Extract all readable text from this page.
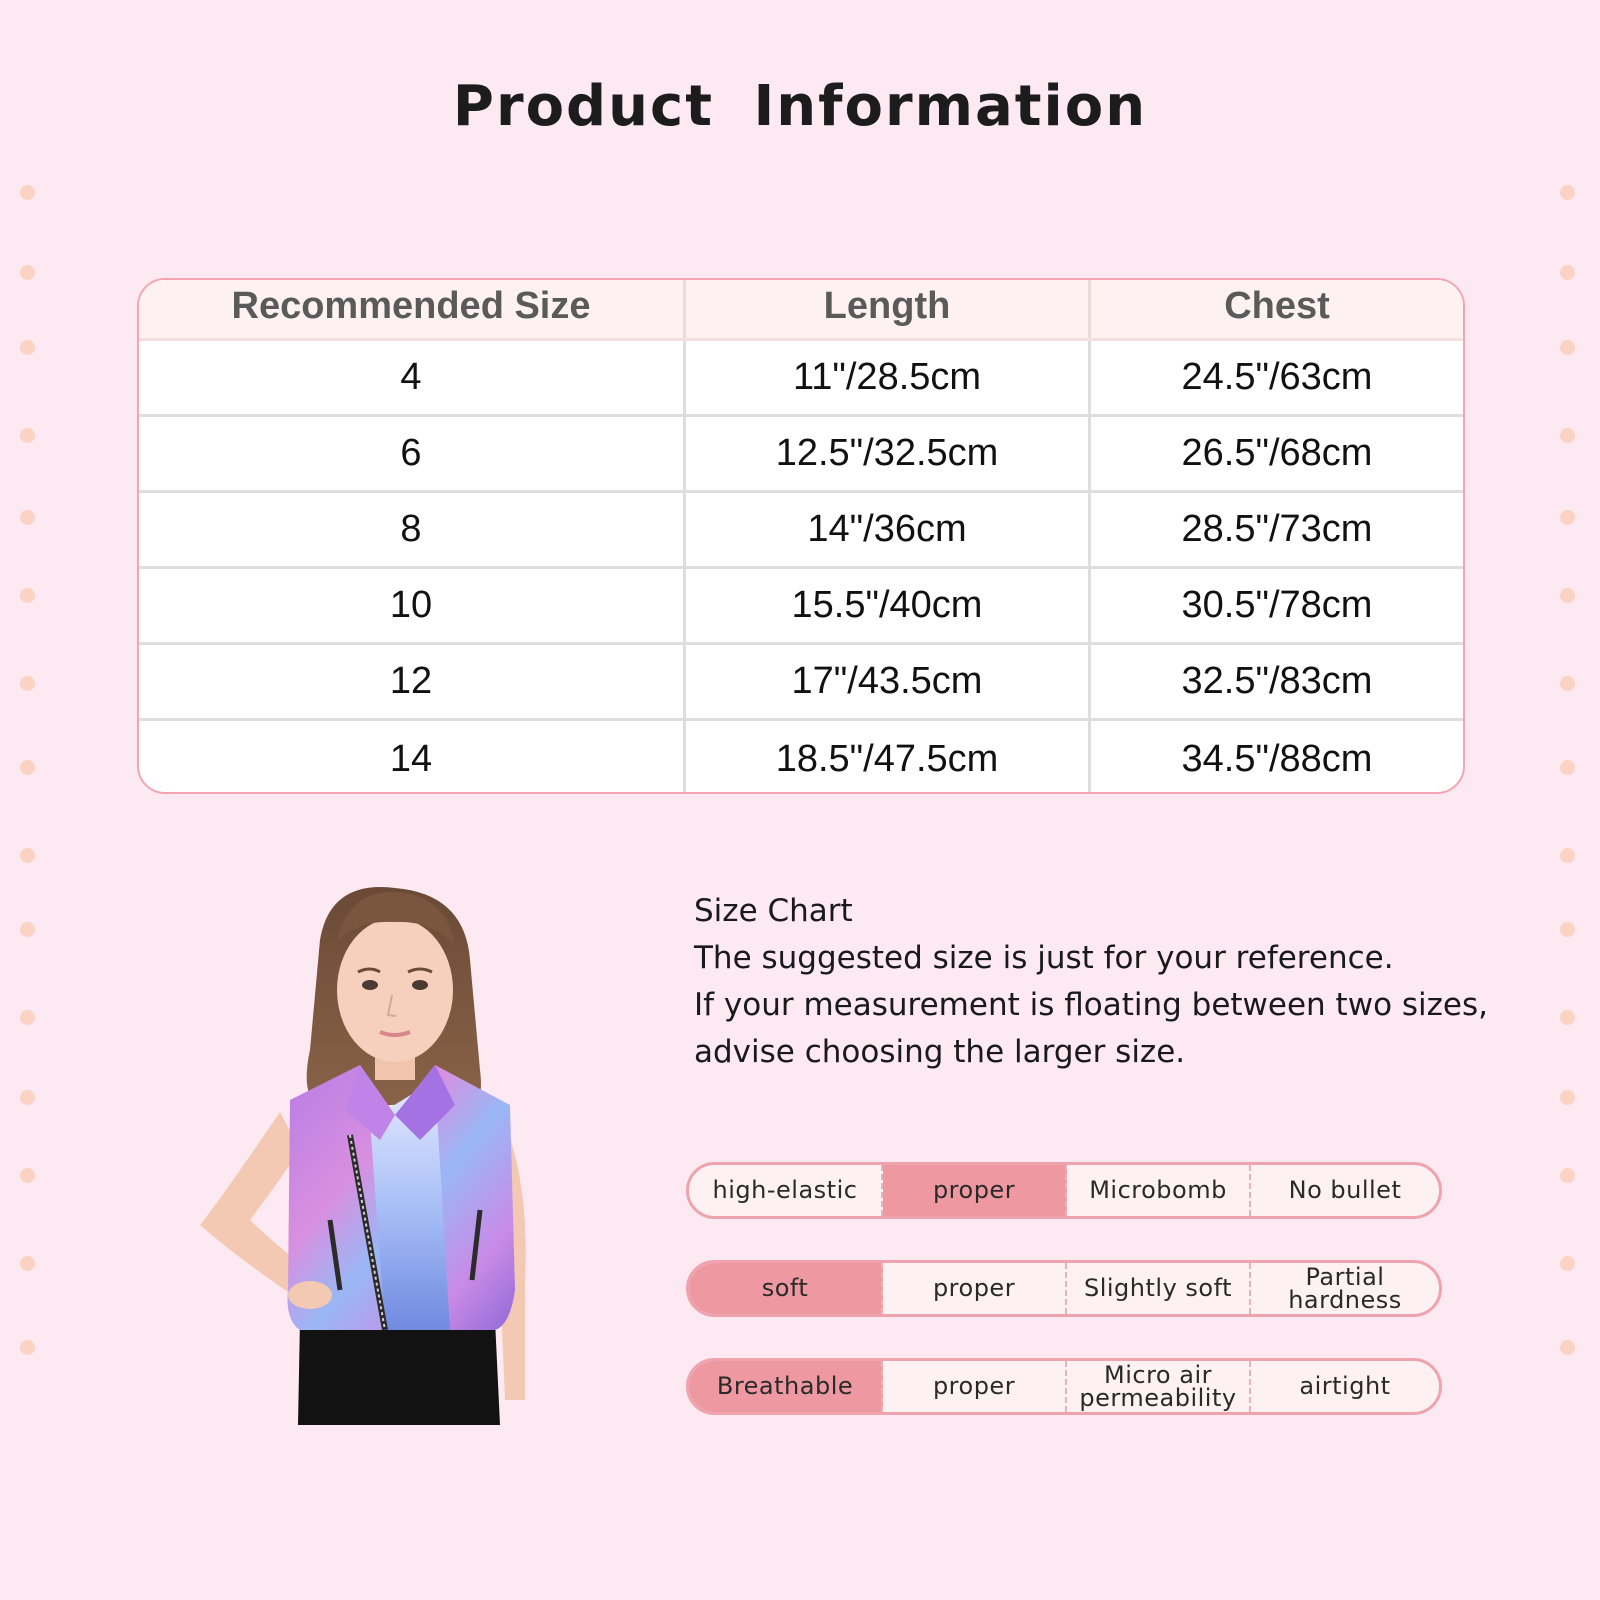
Product Information
Recommended Size	Length	Chest
4	11"/28.5cm	24.5"/63cm
6	12.5"/32.5cm	26.5"/68cm
8	14"/36cm	28.5"/73cm
10	15.5"/40cm	30.5"/78cm
12	17"/43.5cm	32.5"/83cm
14	18.5"/47.5cm	34.5"/88cm
Size Chart
The suggested size is just for your reference.
If your measurement is floating between two sizes,
advise choosing the larger size.
high-elastic	proper	Microbomb	No bullet
soft	proper	Slightly soft	Partial hardness
Breathable	proper	Micro air permeability	airtight
